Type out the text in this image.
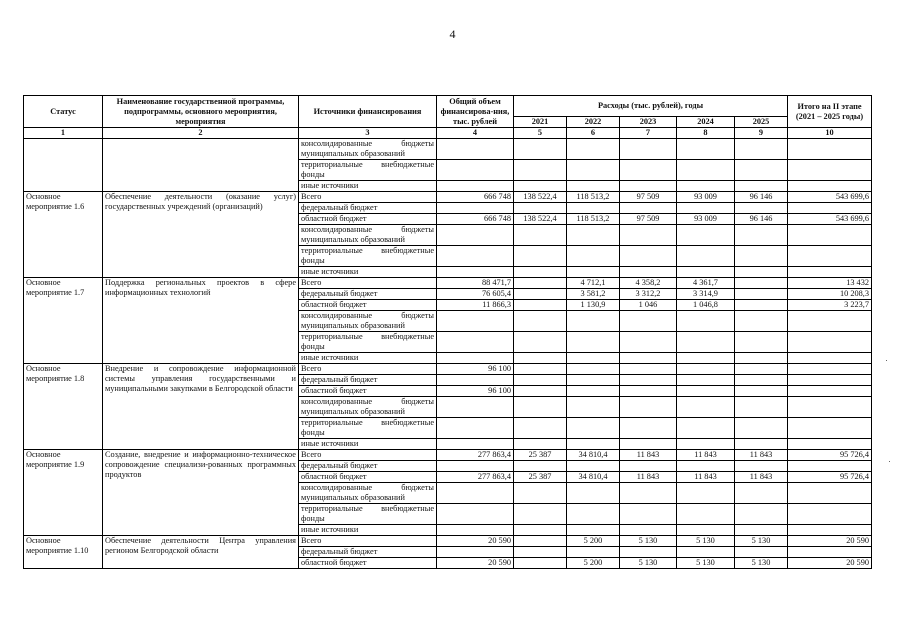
4
Статус	Наименование государственной программы, подпрограммы, основного мероприятия, мероприятия	Источники финансирования	Общий объем финансирова-ния, тыс. рублей	Расходы (тыс. рублей), годы					Итого на II этапе (2021 – 2025 годы)
				2021	2022	2023	2024	2025	
1	2	3	4	5	6	7	8	9	10
		консолидированные бюджеты муниципальных образований							
		территориальные внебюджетные фонды							
		иные источники							
Основное мероприятие 1.6	Обеспечение деятельности (оказание услуг) государственных учреждений (организаций)	Всего	666 748	138 522,4	118 513,2	97 509	93 009	96 146	543 699,6
		федеральный бюджет							
		областной бюджет	666 748	138 522,4	118 513,2	97 509	93 009	96 146	543 699,6
		консолидированные бюджеты муниципальных образований							
		территориальные внебюджетные фонды							
		иные источники							
Основное мероприятие 1.7	Поддержка региональных проектов в сфере информационных технологий	Всего	88 471,7		4 712,1	4 358,2	4 361,7		13 432
		федеральный бюджет	76 605,4		3 581,2	3 312,2	3 314,9		10 208,3
		областной бюджет	11 866,3		1 130,9	1 046	1 046,8		3 223,7
		консолидированные бюджеты муниципальных образований							
		территориальные внебюджетные фонды							
		иные источники							
Основное мероприятие 1.8	Внедрение и сопровождение информационной системы управления государственными и муниципальными закупками в Белгородской области	Всего	96 100						
		федеральный бюджет							
		областной бюджет	96 100						
		консолидированные бюджеты муниципальных образований							
		территориальные внебюджетные фонды							
		иные источники							
Основное мероприятие 1.9	Создание, внедрение и информационно-техническое сопровождение специализи-рованных программных продуктов	Всего	277 863,4	25 387	34 810,4	11 843	11 843	11 843	95 726,4
		федеральный бюджет							
		областной бюджет	277 863,4	25 387	34 810,4	11 843	11 843	11 843	95 726,4
		консолидированные бюджеты муниципальных образований							
		территориальные внебюджетные фонды							
		иные источники							
Основное мероприятие 1.10	Обеспечение деятельности Центра управления регионом Белгородской области	Всего	20 590		5 200	5 130	5 130	5 130	20 590
		федеральный бюджет							
		областной бюджет	20 590		5 200	5 130	5 130	5 130	20 590
